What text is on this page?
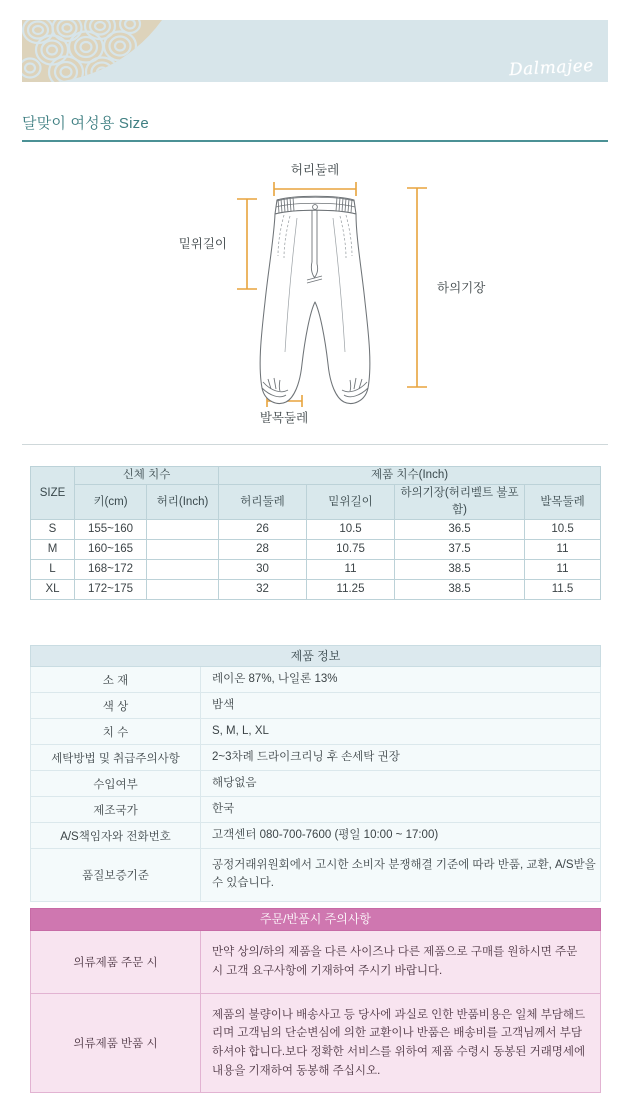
Dalmajee
달맞이 여성용 Size
허리둘레
밑위길이
하의기장
발목둘레
SIZE	신체 치수		제품 치수(Inch)			
	키(cm)	허리(Inch)	허리둘레	밑위길이	하의기장(허리벨트 불포함)	발목둘레
S	155~160		26	10.5	36.5	10.5
M	160~165		28	10.75	37.5	11
L	168~172		30	11	38.5	11
XL	172~175		32	11.25	38.5	11.5
제품 정보	
소 재	레이온 87%, 나일론 13%
색 상	밤색
치 수	S, M, L, XL
세탁방법 및 취급주의사항	2~3차례 드라이크리닝 후 손세탁 권장
수입여부	해당없음
제조국가	한국
A/S책임자와 전화번호	고객센터 080-700-7600 (평일 10:00 ~ 17:00)
품질보증기준	공정거래위원회에서 고시한 소비자 분쟁해결 기준에 따라 반품, 교환, A/S받을 수 있습니다.
주문/반품시 주의사항	
의류제품 주문 시	만약 상의/하의 제품을 다른 사이즈나 다른 제품으로 구매를 원하시면 주문 시 고객 요구사항에 기재하여 주시기 바랍니다.
의류제품 반품 시	제품의 불량이나 배송사고 등 당사에 과실로 인한 반품비용은 일체 부담해드리며 고객님의 단순변심에 의한 교환이나 반품은 배송비를 고객님께서 부담하셔야 합니다.보다 정확한 서비스를 위하여 제품 수령시 동봉된 거래명세에 내용을 기재하여 동봉해 주십시오.
